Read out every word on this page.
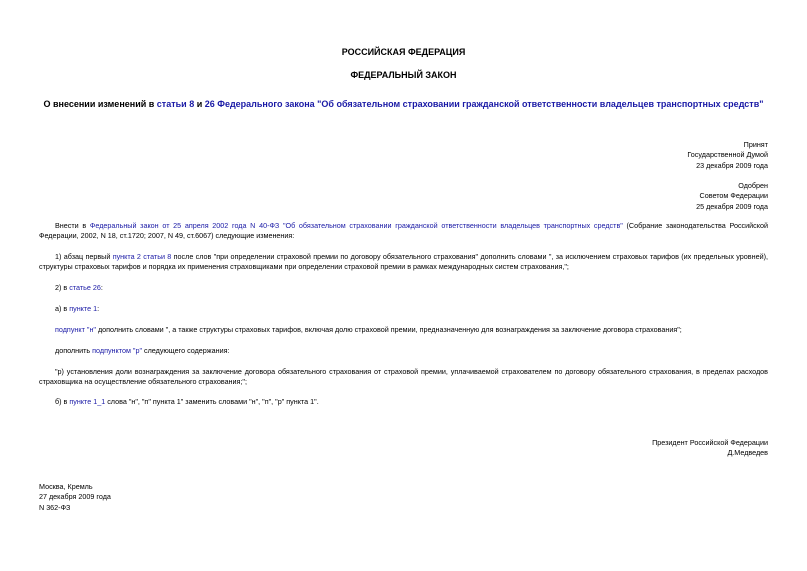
РОССИЙСКАЯ ФЕДЕРАЦИЯ
ФЕДЕРАЛЬНЫЙ ЗАКОН
О внесении изменений в статьи 8 и 26 Федерального закона "Об обязательном страховании гражданской ответственности владельцев транспортных средств"
Принят
Государственной Думой
23 декабря 2009 года
Одобрен
Советом Федерации
25 декабря 2009 года
Внести в Федеральный закон от 25 апреля 2002 года N 40-ФЗ "Об обязательном страховании гражданской ответственности владельцев транспортных средств" (Собрание законодательства Российской Федерации, 2002, N 18, ст.1720; 2007, N 49, ст.6067) следующие изменения:
1) абзац первый пункта 2 статьи 8 после слов "при определении страховой премии по договору обязательного страхования" дополнить словами ", за исключением страховых тарифов (их предельных уровней), структуры страховых тарифов и порядка их применения страховщиками при определении страховой премии в рамках международных систем страхования,";
2) в статье 26:
а) в пункте 1:
подпункт "н" дополнить словами ", а также структуры страховых тарифов, включая долю страховой премии, предназначенную для вознаграждения за заключение договора страхования";
дополнить подпунктом "р" следующего содержания:
"р) установления доли вознаграждения за заключение договора обязательного страхования от страховой премии, уплачиваемой страхователем по договору обязательного страхования, в пределах расходов страховщика на осуществление обязательного страхования;";
б) в пункте 1_1 слова "н", "п" пункта 1" заменить словами "н", "п", "р" пункта 1".
Президент Российской Федерации
Д.Медведев
Москва, Кремль
27 декабря 2009 года
N 362-ФЗ
